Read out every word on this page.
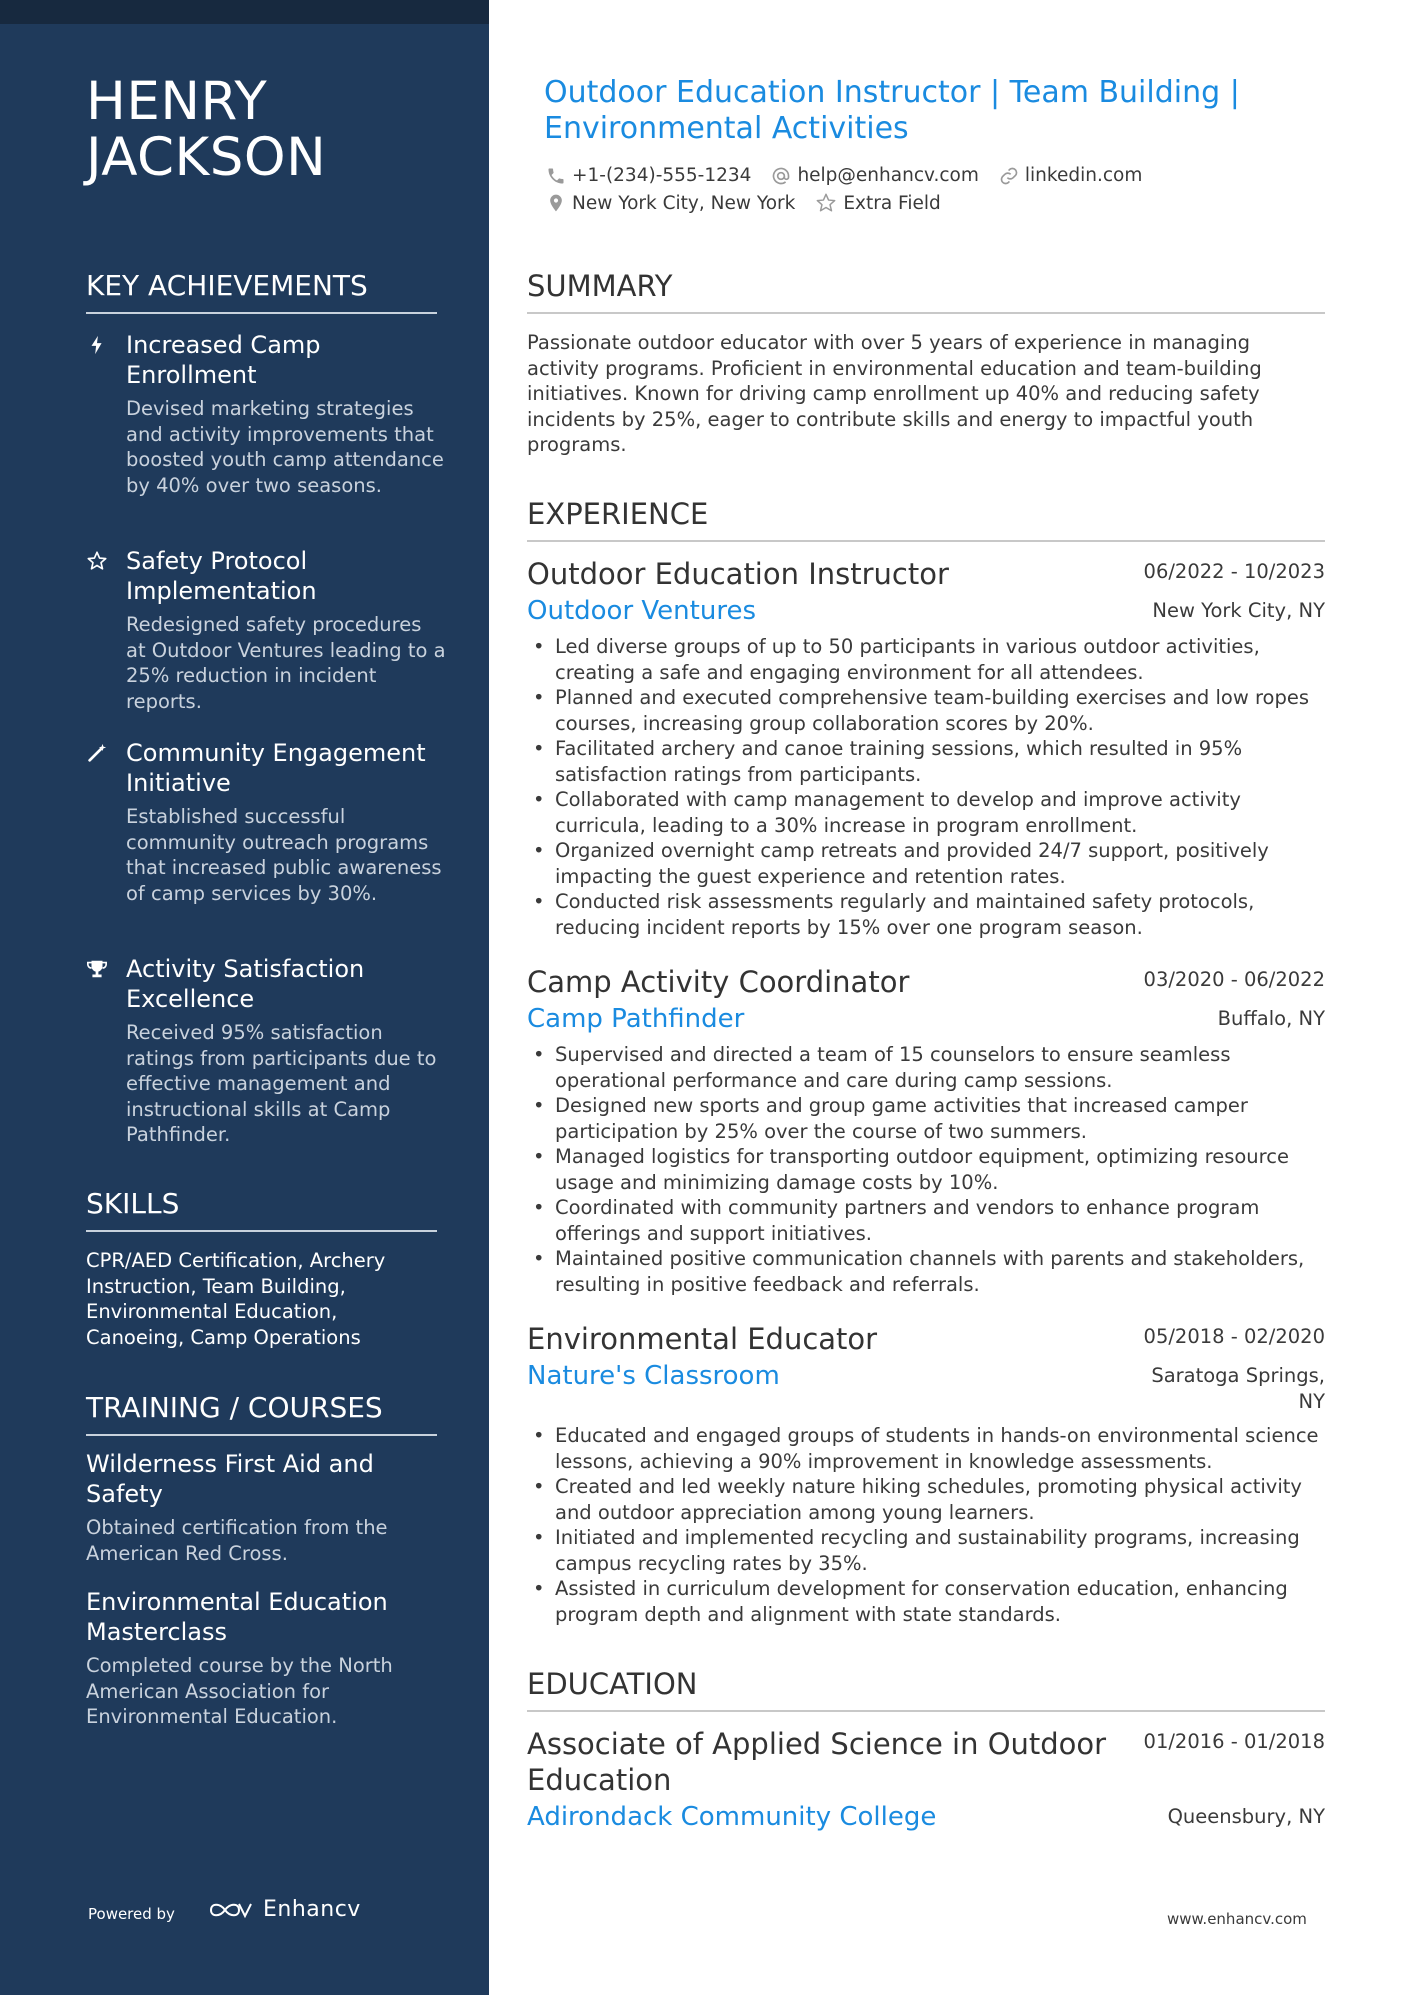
HENRY
JACKSON
KEY ACHIEVEMENTS
Increased Camp Enrollment
Devised marketing strategies and activity improvements that boosted youth camp attendance by 40% over two seasons.
Safety Protocol Implementation
Redesigned safety procedures at Outdoor Ventures leading to a 25% reduction in incident reports.
Community Engagement Initiative
Established successful community outreach programs that increased public awareness of camp services by 30%.
Activity Satisfaction Excellence
Received 95% satisfaction ratings from participants due to effective management and instructional skills at Camp Pathfinder.
SKILLS
CPR/AED Certification, Archery Instruction, Team Building, Environmental Education, Canoeing, Camp Operations
TRAINING / COURSES
Wilderness First Aid and Safety
Obtained certification from the American Red Cross.
Environmental Education Masterclass
Completed course by the North American Association for Environmental Education.
Powered by	Enhancv
Outdoor Education Instructor | Team Building | Environmental Activities
+1-(234)-555-1234 help@enhancv.com linkedin.com
New York City, New York	Extra Field
SUMMARY
Passionate outdoor educator with over 5 years of experience in managing activity programs. Proficient in environmental education and team-building initiatives. Known for driving camp enrollment up 40% and reducing safety incidents by 25%, eager to contribute skills and energy to impactful youth programs.
EXPERIENCE
Outdoor Education Instructor	06/2022 - 10/2023
Outdoor Ventures	New York City, NY
• Led diverse groups of up to 50 participants in various outdoor activities, creating a safe and engaging environment for all attendees.
• Planned and executed comprehensive team-building exercises and low ropes courses, increasing group collaboration scores by 20%.
• Facilitated archery and canoe training sessions, which resulted in 95% satisfaction ratings from participants.
• Collaborated with camp management to develop and improve activity curricula, leading to a 30% increase in program enrollment.
• Organized overnight camp retreats and provided 24/7 support, positively impacting the guest experience and retention rates.
• Conducted risk assessments regularly and maintained safety protocols, reducing incident reports by 15% over one program season.
Camp Activity Coordinator	03/2020 - 06/2022
Camp Pathfinder	Buffalo, NY
• Supervised and directed a team of 15 counselors to ensure seamless operational performance and care during camp sessions.
• Designed new sports and group game activities that increased camper participation by 25% over the course of two summers.
• Managed logistics for transporting outdoor equipment, optimizing resource usage and minimizing damage costs by 10%.
• Coordinated with community partners and vendors to enhance program offerings and support initiatives.
• Maintained positive communication channels with parents and stakeholders, resulting in positive feedback and referrals.
Environmental Educator	05/2018 - 02/2020
Nature's Classroom	Saratoga Springs,
NY
• Educated and engaged groups of students in hands-on environmental science lessons, achieving a 90% improvement in knowledge assessments.
• Created and led weekly nature hiking schedules, promoting physical activity and outdoor appreciation among young learners.
• Initiated and implemented recycling and sustainability programs, increasing campus recycling rates by 35%.
• Assisted in curriculum development for conservation education, enhancing program depth and alignment with state standards.
EDUCATION
Associate of Applied Science in Outdoor
Education
01/2016 - 01/2018
Adirondack Community College	Queensbury, NY
www.enhancv.com
